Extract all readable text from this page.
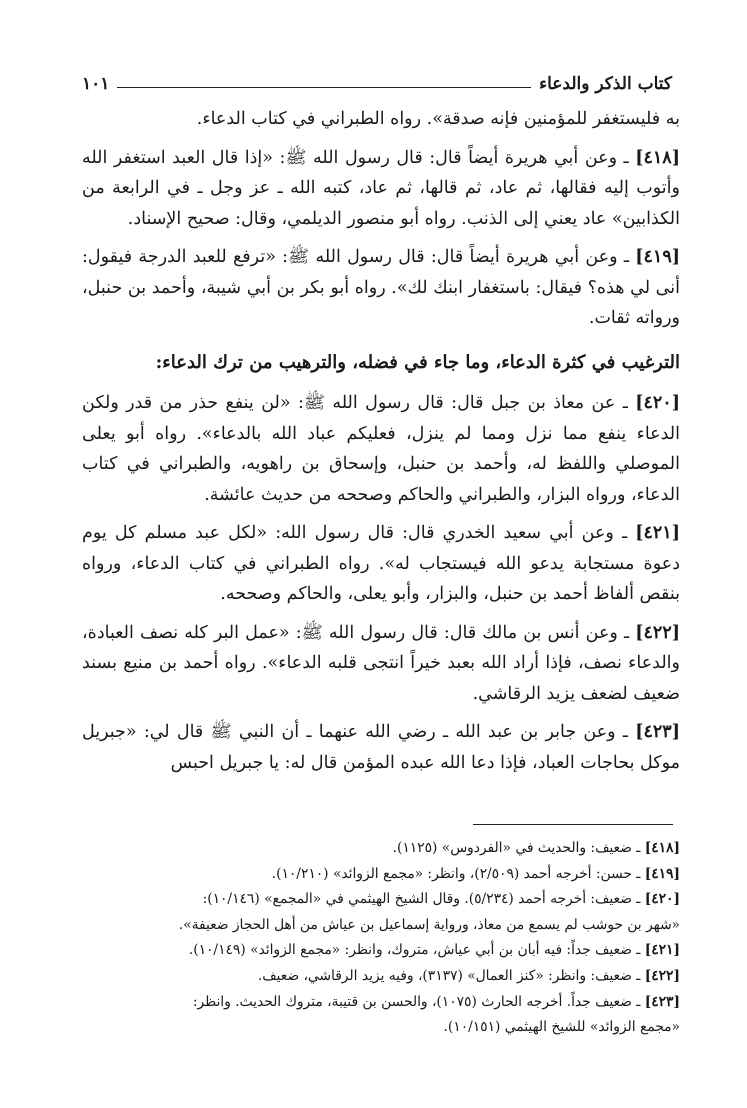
كتاب الذكر والدعاء
١٠١

به فليستغفر للمؤمنين فإنه صدقة». رواه الطبراني في كتاب الدعاء.

[٤١٨] ـ وعن أبي هريرة أيضاً قال: قال رسول الله ﷺ: «إذا قال العبد استغفر الله وأتوب إليه فقالها، ثم عاد، ثم قالها، ثم عاد، كتبه الله ـ عز وجل ـ في الرابعة من الكذابين» عاد يعني إلى الذنب. رواه أبو منصور الديلمي، وقال: صحيح الإسناد.

[٤١٩] ـ وعن أبي هريرة أيضاً قال: قال رسول الله ﷺ: «ترفع للعبد الدرجة فيقول: أنى لي هذه؟ فيقال: باستغفار ابنك لك». رواه أبو بكر بن أبي شيبة، وأحمد بن حنبل، ورواته ثقات.

الترغيب في كثرة الدعاء، وما جاء في فضله، والترهيب من ترك الدعاء:

[٤٢٠] ـ عن معاذ بن جبل قال: قال رسول الله ﷺ: «لن ينفع حذر من قدر ولكن الدعاء ينفع مما نزل ومما لم ينزل، فعليكم عباد الله بالدعاء». رواه أبو يعلى الموصلي واللفظ له، وأحمد بن حنبل، وإسحاق بن راهويه، والطبراني في كتاب الدعاء، ورواه البزار، والطبراني والحاكم وصححه من حديث عائشة.

[٤٢١] ـ وعن أبي سعيد الخدري قال: قال رسول الله: «لكل عبد مسلم كل يوم دعوة مستجابة يدعو الله فيستجاب له». رواه الطبراني في كتاب الدعاء، ورواه بنقص ألفاظ أحمد بن حنبل، والبزار، وأبو يعلى، والحاكم وصححه.

[٤٢٢] ـ وعن أنس بن مالك قال: قال رسول الله ﷺ: «عمل البر كله نصف العبادة، والدعاء نصف، فإذا أراد الله بعبد خيراً انتجى قلبه الدعاء». رواه أحمد بن منيع بسند ضعيف لضعف يزيد الرقاشي.

[٤٢٣] ـ وعن جابر بن عبد الله ـ رضي الله عنهما ـ أن النبي ﷺ قال لي: «جبريل موكل بحاجات العباد، فإذا دعا الله عبده المؤمن قال له: يا جبريل احبس

[٤١٨] ـ ضعيف: والحديث في «الفردوس» (١١٢٥).

[٤١٩] ـ حسن: أخرجه أحمد (٢/٥٠٩)، وانظر: «مجمع الزوائد» (١٠/٢١٠).

[٤٢٠] ـ ضعيف: أخرجه أحمد (٥/٢٣٤). وقال الشيخ الهيثمي في «المجمع» (١٠/١٤٦):

«شهر بن حوشب لم يسمع من معاذ، ورواية إسماعيل بن عياش من أهل الحجاز ضعيفة».

[٤٢١] ـ ضعيف جداً: فيه أبان بن أبي عياش، متروك، وانظر: «مجمع الزوائد» (١٠/١٤٩).

[٤٢٢] ـ ضعيف: وانظر: «كنز العمال» (٣١٣٧)، وفيه يزيد الرقاشي، ضعيف.

[٤٢٣] ـ ضعيف جداً. أخرجه الحارث (١٠٧٥)، والحسن بن قتيبة، متروك الحديث. وانظر:

«مجمع الزوائد» للشيخ الهيثمي (١٠/١٥١).
